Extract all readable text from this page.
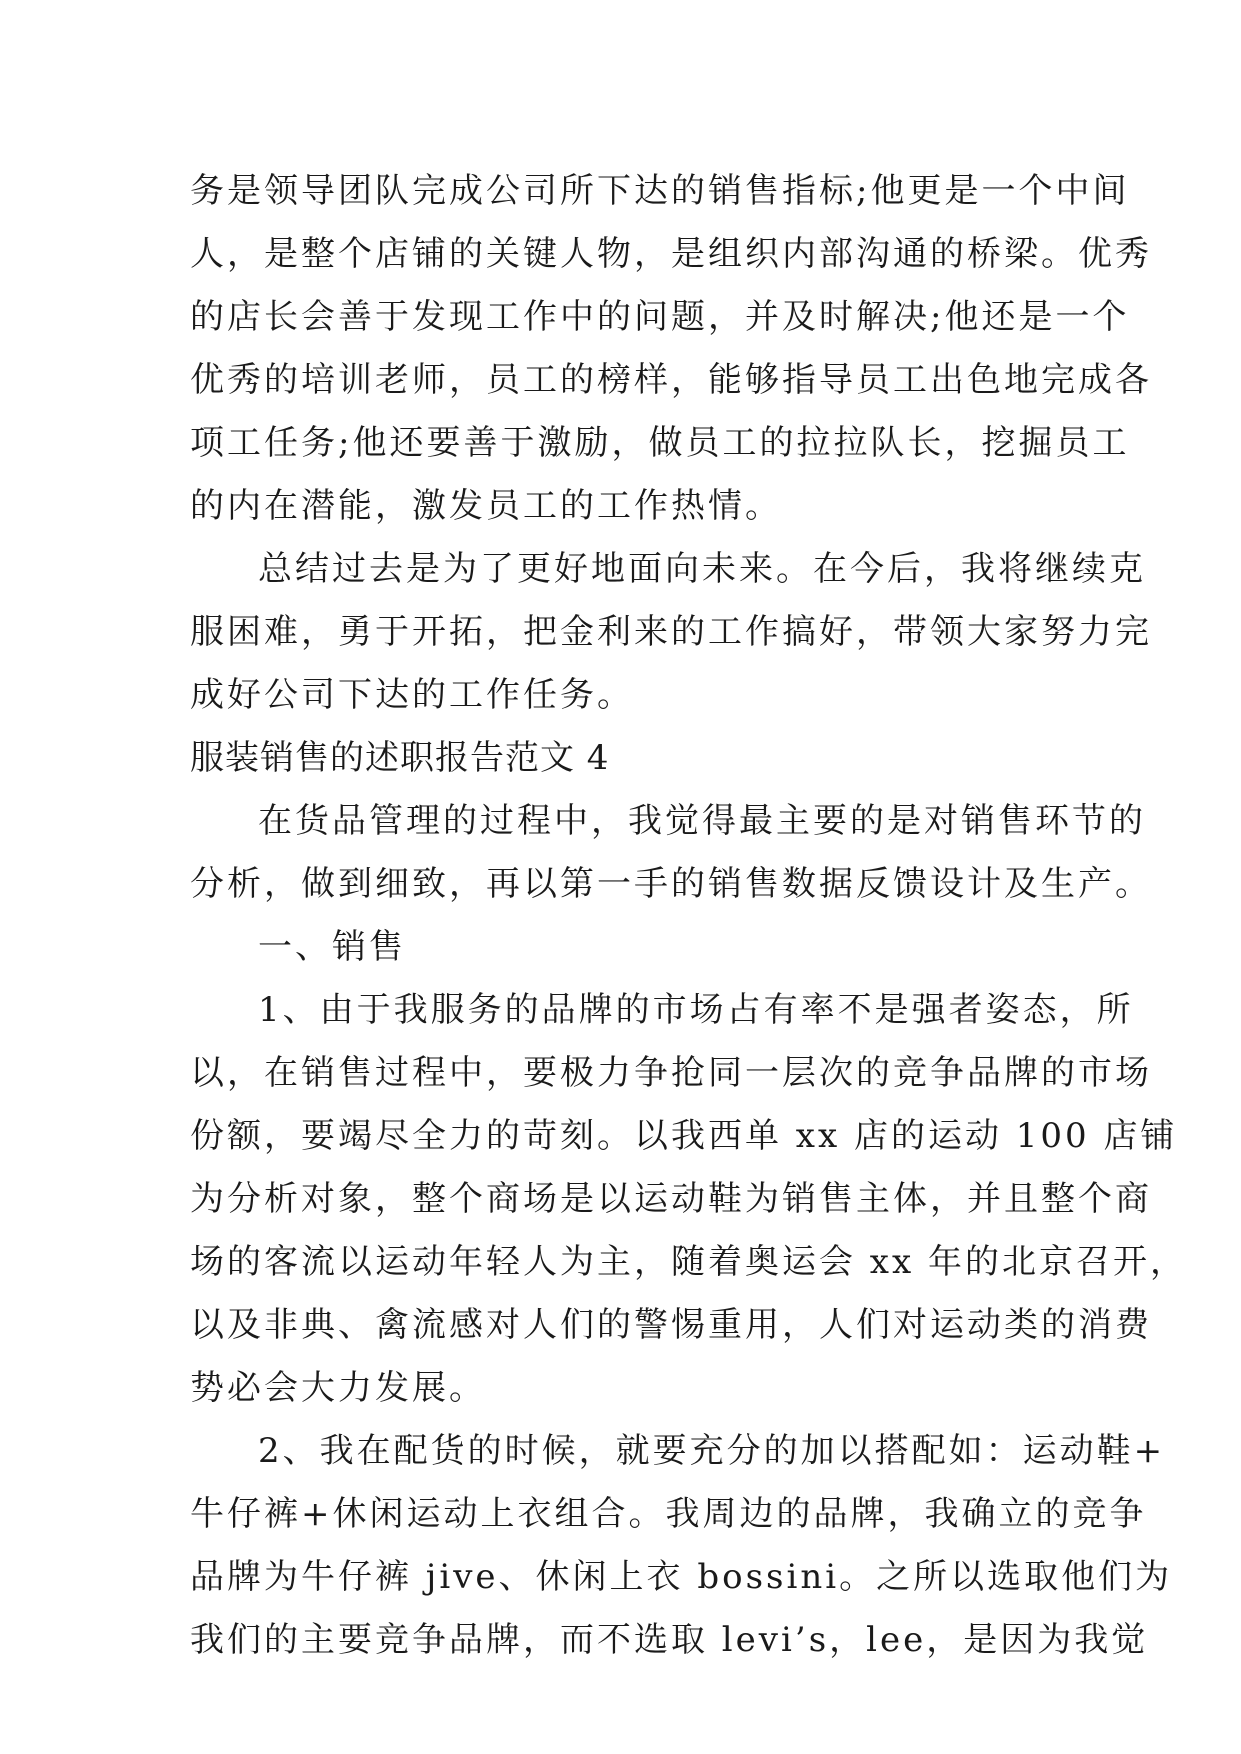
务是领导团队完成公司所下达的销售指标;他更是一个中间
人，是整个店铺的关键人物，是组织内部沟通的桥梁。优秀
的店长会善于发现工作中的问题，并及时解决;他还是一个
优秀的培训老师，员工的榜样，能够指导员工出色地完成各
项工任务;他还要善于激励，做员工的拉拉队长，挖掘员工
的内在潜能，激发员工的工作热情。
总结过去是为了更好地面向未来。在今后，我将继续克
服困难，勇于开拓，把金利来的工作搞好，带领大家努力完
成好公司下达的工作任务。
服装销售的述职报告范文 4
在货品管理的过程中，我觉得最主要的是对销售环节的
分析，做到细致，再以第一手的销售数据反馈设计及生产。
一、销售
1、由于我服务的品牌的市场占有率不是强者姿态，所
以，在销售过程中，要极力争抢同一层次的竞争品牌的市场
份额，要竭尽全力的苛刻。以我西单 xx 店的运动 100 店铺
为分析对象，整个商场是以运动鞋为销售主体，并且整个商
场的客流以运动年轻人为主，随着奥运会 xx 年的北京召开，
以及非典、禽流感对人们的警惕重用，人们对运动类的消费
势必会大力发展。
2、我在配货的时候，就要充分的加以搭配如：运动鞋+
牛仔裤+休闲运动上衣组合。我周边的品牌，我确立的竞争
品牌为牛仔裤 jive、休闲上衣 bossini。之所以选取他们为
我们的主要竞争品牌，而不选取 levi’s，lee，是因为我觉
